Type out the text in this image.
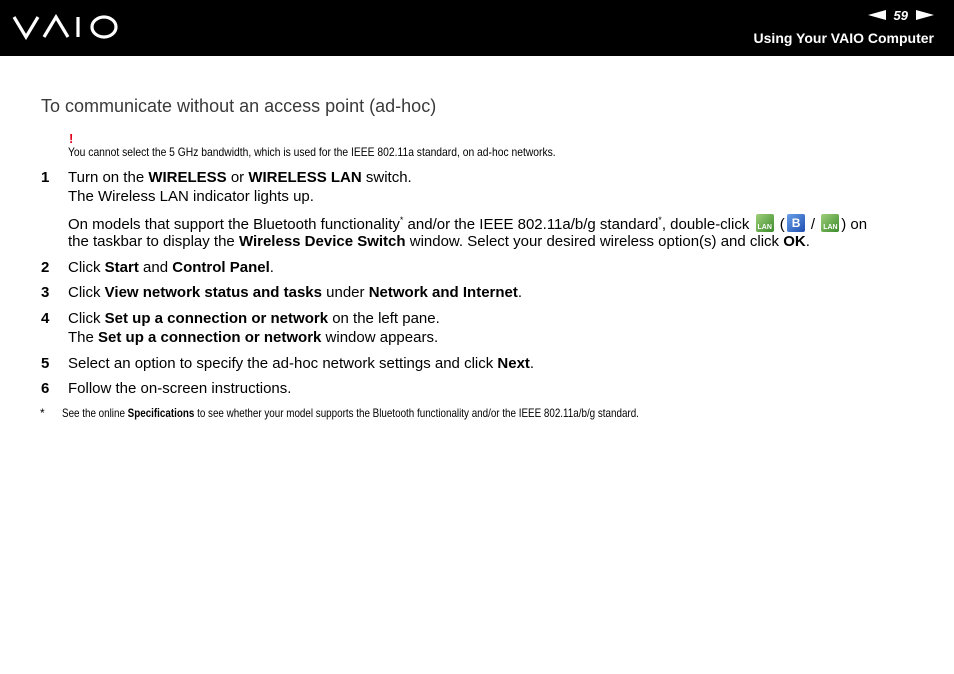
59
Using Your VAIO Computer
To communicate without an access point (ad-hoc)
!
You cannot select the 5 GHz bandwidth, which is used for the IEEE 802.11a standard, on ad-hoc networks.
1 Turn on the WIRELESS or WIRELESS LAN switch.
The Wireless LAN indicator lights up.
On models that support the Bluetooth functionality* and/or the IEEE 802.11a/b/g standard*, double-click LAN ( B / LAN ) on
the taskbar to display the Wireless Device Switch window. Select your desired wireless option(s) and click OK.
2 Click Start and Control Panel.
3 Click View network status and tasks under Network and Internet.
4 Click Set up a connection or network on the left pane.
The Set up a connection or network window appears.
5 Select an option to specify the ad-hoc network settings and click Next.
6 Follow the on-screen instructions.
* See the online Specifications to see whether your model supports the Bluetooth functionality and/or the IEEE 802.11a/b/g standard.
